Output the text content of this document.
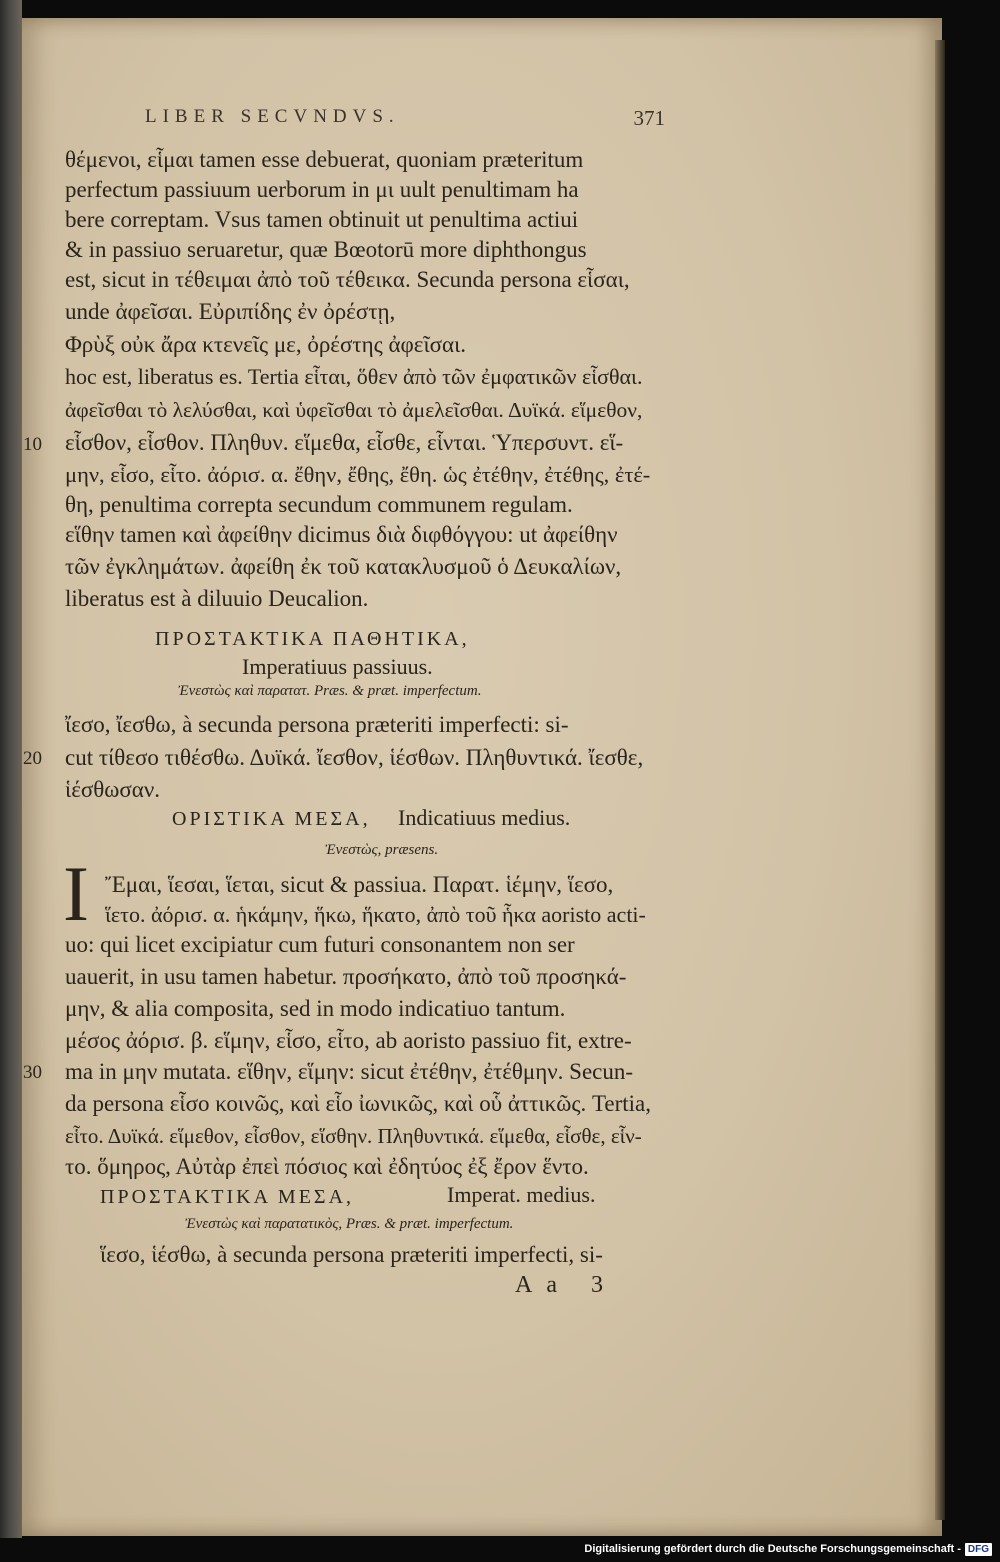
LIBER SECVNDVS.	371
θέμενοι, εἷμαι tamen esse debuerat, quoniam præteritum
perfectum passiuum uerborum in μι uult penultimam ha
bere correptam. Vsus tamen obtinuit ut penultima actiui
& in passiuo seruaretur, quæ Bœotorū more diphthongus
est, sicut in τέθειμαι ἀπὸ τοῦ τέθεικα. Secunda persona εἷσαι,
unde ἀφεῖσαι. Εὐριπίδης ἐν ὀρέστῃ,
Φρὺξ οὐκ ἄρα κτενεῖς με, ὀρέστης ἀφεῖσαι.
hoc est, liberatus es. Tertia εἷται, ὅθεν ἀπὸ τῶν ἐμφατικῶν εἷσθαι.
ἀφεῖσθαι τὸ λελύσθαι, καὶ ὑφεῖσθαι τὸ ἀμελεῖσθαι. Δυϊκά. εἵμεθον,
εἷσθον, εἷσθον. Πληθυν. εἵμεθα, εἷσθε, εἷνται. Ὑπερσυντ. εἵ-
μην, εἷσο, εἷτο. ἀόρισ. α. ἔθην, ἔθης, ἔθη. ὡς ἐτέθην, ἐτέθης, ἐτέ-
θη, penultima correpta secundum communem regulam.
εἵθην tamen καὶ ἀφείθην dicimus διὰ διφθόγγου: ut ἀφείθην
τῶν ἐγκλημάτων. ἀφείθη ἐκ τοῦ κατακλυσμοῦ ὁ Δευκαλίων,
liberatus est à diluuio Deucalion.
ΠΡΟΣΤΑΚΤΙΚΑ ΠΑΘΗΤΙΚΑ,
Imperatiuus passiuus.
Ἐνεστὼς καὶ παρατατ. Præs. & præt. imperfectum.
ἴεσο, ἴεσθω, à secunda persona præteriti imperfecti: si-
cut τίθεσο τιθέσθω. Δυϊκά. ἴεσθον, ἱέσθων. Πληθυντικά. ἴεσθε,
ἱέσθωσαν.
ΟΡΙΣΤΙΚΑ ΜΕΣΑ, Indicatiuus medius.
Ἐνεστὼς, præsens.
I Ἔμαι, ἵεσαι, ἵεται, sicut & passiua. Παρατ. ἱέμην, ἵεσο,
ἵετο. ἀόρισ. α. ἡκάμην, ἥκω, ἥκατο, ἀπὸ τοῦ ἧκα aoristo acti-
uo: qui licet excipiatur cum futuri consonantem non ser
uauerit, in usu tamen habetur. προσήκατο, ἀπὸ τοῦ προσηκά-
μην, & alia composita, sed in modo indicatiuo tantum.
μέσος ἀόρισ. β. εἵμην, εἷσο, εἷτο, ab aoristo passiuo fit, extre-
ma in μην mutata. εἵθην, εἵμην: sicut ἐτέθην, ἐτέθμην. Secun-
da persona εἷσο κοινῶς, καὶ εἷο ἰωνικῶς, καὶ οὗ ἀττικῶς. Tertia,
εἷτο. Δυϊκά. εἵμεθον, εἷσθον, εἵσθην. Πληθυντικά. εἵμεθα, εἷσθε, εἷν-
το. ὅμηρος, Αὐτὰρ ἐπεὶ πόσιος καὶ ἐδητύος ἐξ ἔρον ἕντο.
ΠΡΟΣΤΑΚΤΙΚΑ ΜΕΣΑ,	Imperat. medius.
Ἐνεστὼς καὶ παρατατικὸς, Præs. & præt. imperfectum.
ἵεσο, ἱέσθω, à secunda persona præteriti imperfecti, si-
10
20
30
Aa 3
Digitalisierung gefördert durch die Deutsche Forschungsgemeinschaft - DFG
